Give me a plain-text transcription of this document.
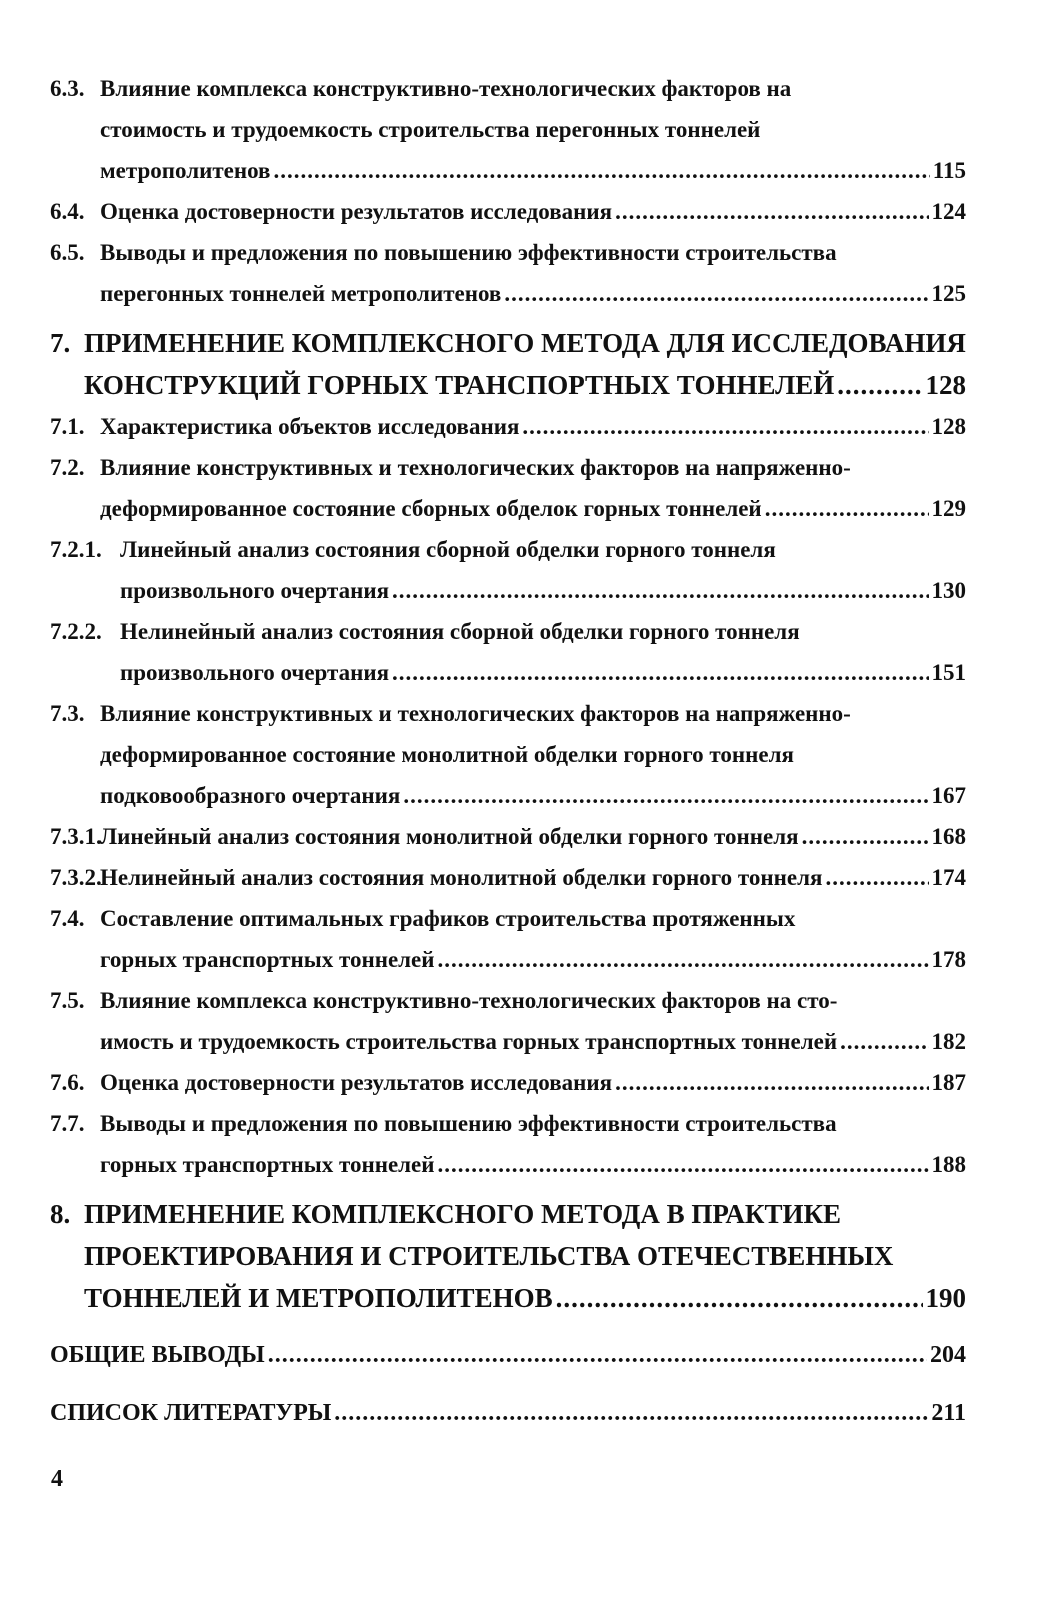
6.3. Влияние комплекса конструктивно-технологических факторов на
стоимость и трудоемкость строительства перегонных тоннелей
метрополитенов .....	115
6.4. Оценка достоверности результатов исследования .....	124
6.5. Выводы и предложения по повышению эффективности строительства
перегонных тоннелей метрополитенов .....	125
7. ПРИМЕНЕНИЕ КОМПЛЕКСНОГО МЕТОДА ДЛЯ ИССЛЕДОВАНИЯ
КОНСТРУКЦИЙ ГОРНЫХ ТРАНСПОРТНЫХ ТОННЕЛЕЙ .....	128
7.1. Характеристика объектов исследования .....	128
7.2. Влияние конструктивных и технологических факторов на напряженно-
деформированное состояние сборных обделок горных тоннелей .....	129
7.2.1. Линейный анализ состояния сборной обделки горного тоннеля
произвольного очертания .....	130
7.2.2. Нелинейный анализ состояния сборной обделки горного тоннеля
произвольного очертания .....	151
7.3. Влияние конструктивных и технологических факторов на напряженно-
деформированное состояние монолитной обделки горного тоннеля
подковообразного очертания .....	167
7.3.1.
Линейный анализ состояния монолитной обделки горного тоннеля .....	168
7.3.2.
Нелинейный анализ состояния монолитной обделки горного тоннеля .....	174
7.4. Составление оптимальных графиков строительства протяженных
горных транспортных тоннелей .....	178
7.5. Влияние комплекса конструктивно-технологических факторов на сто-
имость и трудоемкость строительства горных транспортных тоннелей .....	182
7.6. Оценка достоверности результатов исследования .....	187
7.7. Выводы и предложения по повышению эффективности строительства
горных транспортных тоннелей .....	188
8. ПРИМЕНЕНИЕ КОМПЛЕКСНОГО МЕТОДА В ПРАКТИКЕ
ПРОЕКТИРОВАНИЯ И СТРОИТЕЛЬСТВА ОТЕЧЕСТВЕННЫХ
ТОННЕЛЕЙ И МЕТРОПОЛИТЕНОВ .....	190
ОБЩИЕ ВЫВОДЫ .....	204
СПИСОК ЛИТЕРАТУРЫ .....	211
4
